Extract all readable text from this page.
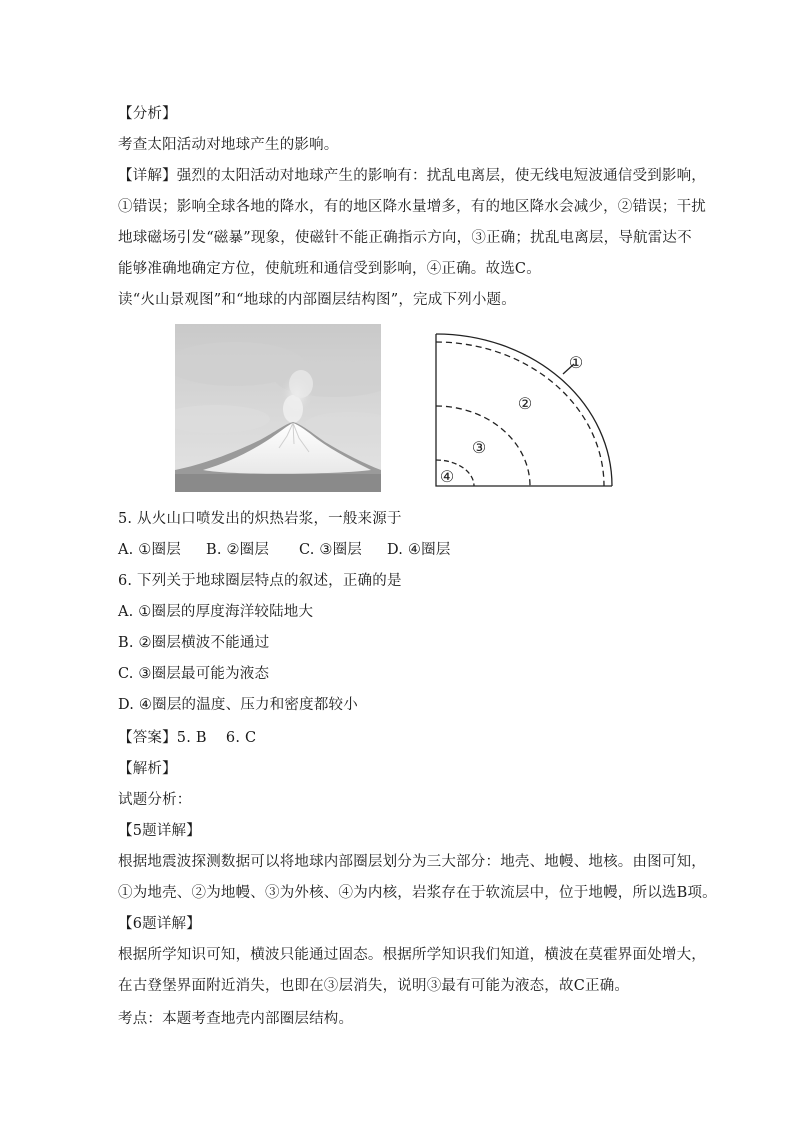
【分析】
考查太阳活动对地球产生的影响。
【详解】强烈的太阳活动对地球产生的影响有：扰乱电离层，使无线电短波通信受到影响，
①错误；影响全球各地的降水，有的地区降水量增多，有的地区降水会减少，②错误；干扰
地球磁场引发“磁暴”现象，使磁针不能正确指示方向，③正确；扰乱电离层，导航雷达不
能够准确地确定方位，使航班和通信受到影响，④正确。故选C。
读“火山景观图”和“地球的内部圈层结构图”，完成下列小题。
5. 从火山口喷发出的炽热岩浆，一般来源于
A. ①圈层 B. ②圈层 C. ③圈层 D. ④圈层
6. 下列关于地球圈层特点的叙述，正确的是
A. ①圈层的厚度海洋较陆地大
B. ②圈层横波不能通过
C. ③圈层最可能为液态
D. ④圈层的温度、压力和密度都较小
【答案】5. B    6. C
【解析】
试题分析：
【5题详解】
根据地震波探测数据可以将地球内部圈层划分为三大部分：地壳、地幔、地核。由图可知，
①为地壳、②为地幔、③为外核、④为内核，岩浆存在于软流层中，位于地幔，所以选B项。
【6题详解】
根据所学知识可知，横波只能通过固态。根据所学知识我们知道，横波在莫霍界面处增大，
在古登堡界面附近消失，也即在③层消失，说明③最有可能为液态，故C正确。
考点：本题考查地壳内部圈层结构。
①
②
③
④
